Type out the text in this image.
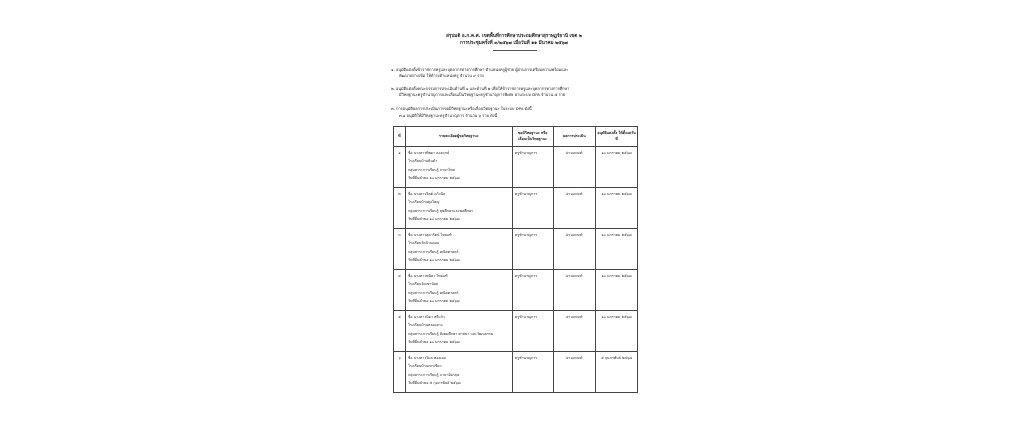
สรุปมติ อ.ก.ค.ศ. เขตพื้นที่การศึกษาประถมศึกษาสุราษฎร์ธานี เขต ๒
การประชุมครั้งที่ ๓/๒๕๖๗ เมื่อวันที่ ๑๑ มีนาคม ๒๕๖๗
๑. อนุมัติแต่งตั้งข้าราชการครูและบุคลากรทางการศึกษา ตำแหน่งครูผู้ช่วย ผู้ผ่านการเตรียมความพร้อมและ
พัฒนาอย่างเข้ม ให้ดำรงตำแหน่งครู จำนวน ๙ ราย
๒. อนุมัติแต่งตั้งคณะกรรมการประเมินด้านที่ ๑ และด้านที่ ๒ เพื่อให้ข้าราชการครูและบุคลากรทางการศึกษา
มีวิทยฐานะครูชำนาญการและเลื่อนเป็นวิทยฐานะครูชำนาญการพิเศษ ผ่านระบบ DPA จำนวน ๕ ราย
๓. การอนุมัติผลการประเมินการขอมีวิทยฐานะหรือเลื่อนวิทยฐานะ ในระบบ DPA ดังนี้
๓.๑ อนุมัติให้มีวิทยฐานะครูชำนาญการ จำนวน ๖ ราย ดังนี้
ที่	รายละเอียดผู้ขอวิทยฐานะ	ขอมีวิทยฐานะ หรือ เลื่อนเป็นวิทยฐานะ	ผลการประเมิน	อนุมัติแต่งตั้ง ให้ตั้งแต่วันที่
๑	ชื่อ นางสาวทิพยา ล่องฤกษ์
โรงเรียนบ้านหินดำ
กลุ่มสาระการเรียนรู้ ภาษาไทย
วันที่ยื่นคำขอ ๑๐ มกราคม ๒๕๖๗	ครูชำนาญการ	ผ่านเกณฑ์	๑๐ มกราคม ๒๕๖๗
๒	ชื่อ นางสาวจิตต์ แก้วนิล
โรงเรียนบ้านทุ่งใหญ่
กลุ่มสาระการเรียนรู้ สุขศึกษาและพลศึกษา
วันที่ยื่นคำขอ ๑๐ มกราคม ๒๕๖๗	ครูชำนาญการ	ผ่านเกณฑ์	๑๐ มกราคม ๒๕๖๗
๓	ชื่อ นางสาวสุดารัตน์ ไทยแท้
โรงเรียนวัดบ้านดอน
กลุ่มสาระการเรียนรู้ คณิตศาสตร์
วันที่ยื่นคำขอ ๑๐ มกราคม ๒๕๖๗	ครูชำนาญการ	ผ่านเกณฑ์	๑๐ มกราคม ๒๕๖๗
๔	ชื่อ นางสาวพนิดา ไทยแท้
โรงเรียนวัดเขาน้อย
กลุ่มสาระการเรียนรู้ คณิตศาสตร์
วันที่ยื่นคำขอ ๑๐ มกราคม ๒๕๖๗	ครูชำนาญการ	ผ่านเกณฑ์	๑๐ มกราคม ๒๕๖๗
๕	ชื่อ นางสาวนิดา ศรีแก้ว
โรงเรียนบ้านคลองยาง
กลุ่มสาระการเรียนรู้ สังคมศึกษา ศาสนา และวัฒนธรรม
วันที่ยื่นคำขอ ๑๐ มกราคม ๒๕๖๗	ครูชำนาญการ	ผ่านเกณฑ์	๑๐ มกราคม ๒๕๖๗
๖	ชื่อ นางสาววิมล ทองเอม
โรงเรียนบ้านเขาเขียว
กลุ่มสาระการเรียนรู้ ภาษาอังกฤษ
วันที่ยื่นคำขอ ๕ กุมภาพันธ์ ๒๕๖๗	ครูชำนาญการ	ผ่านเกณฑ์	๕ กุมภาพันธ์ ๒๕๖๗
